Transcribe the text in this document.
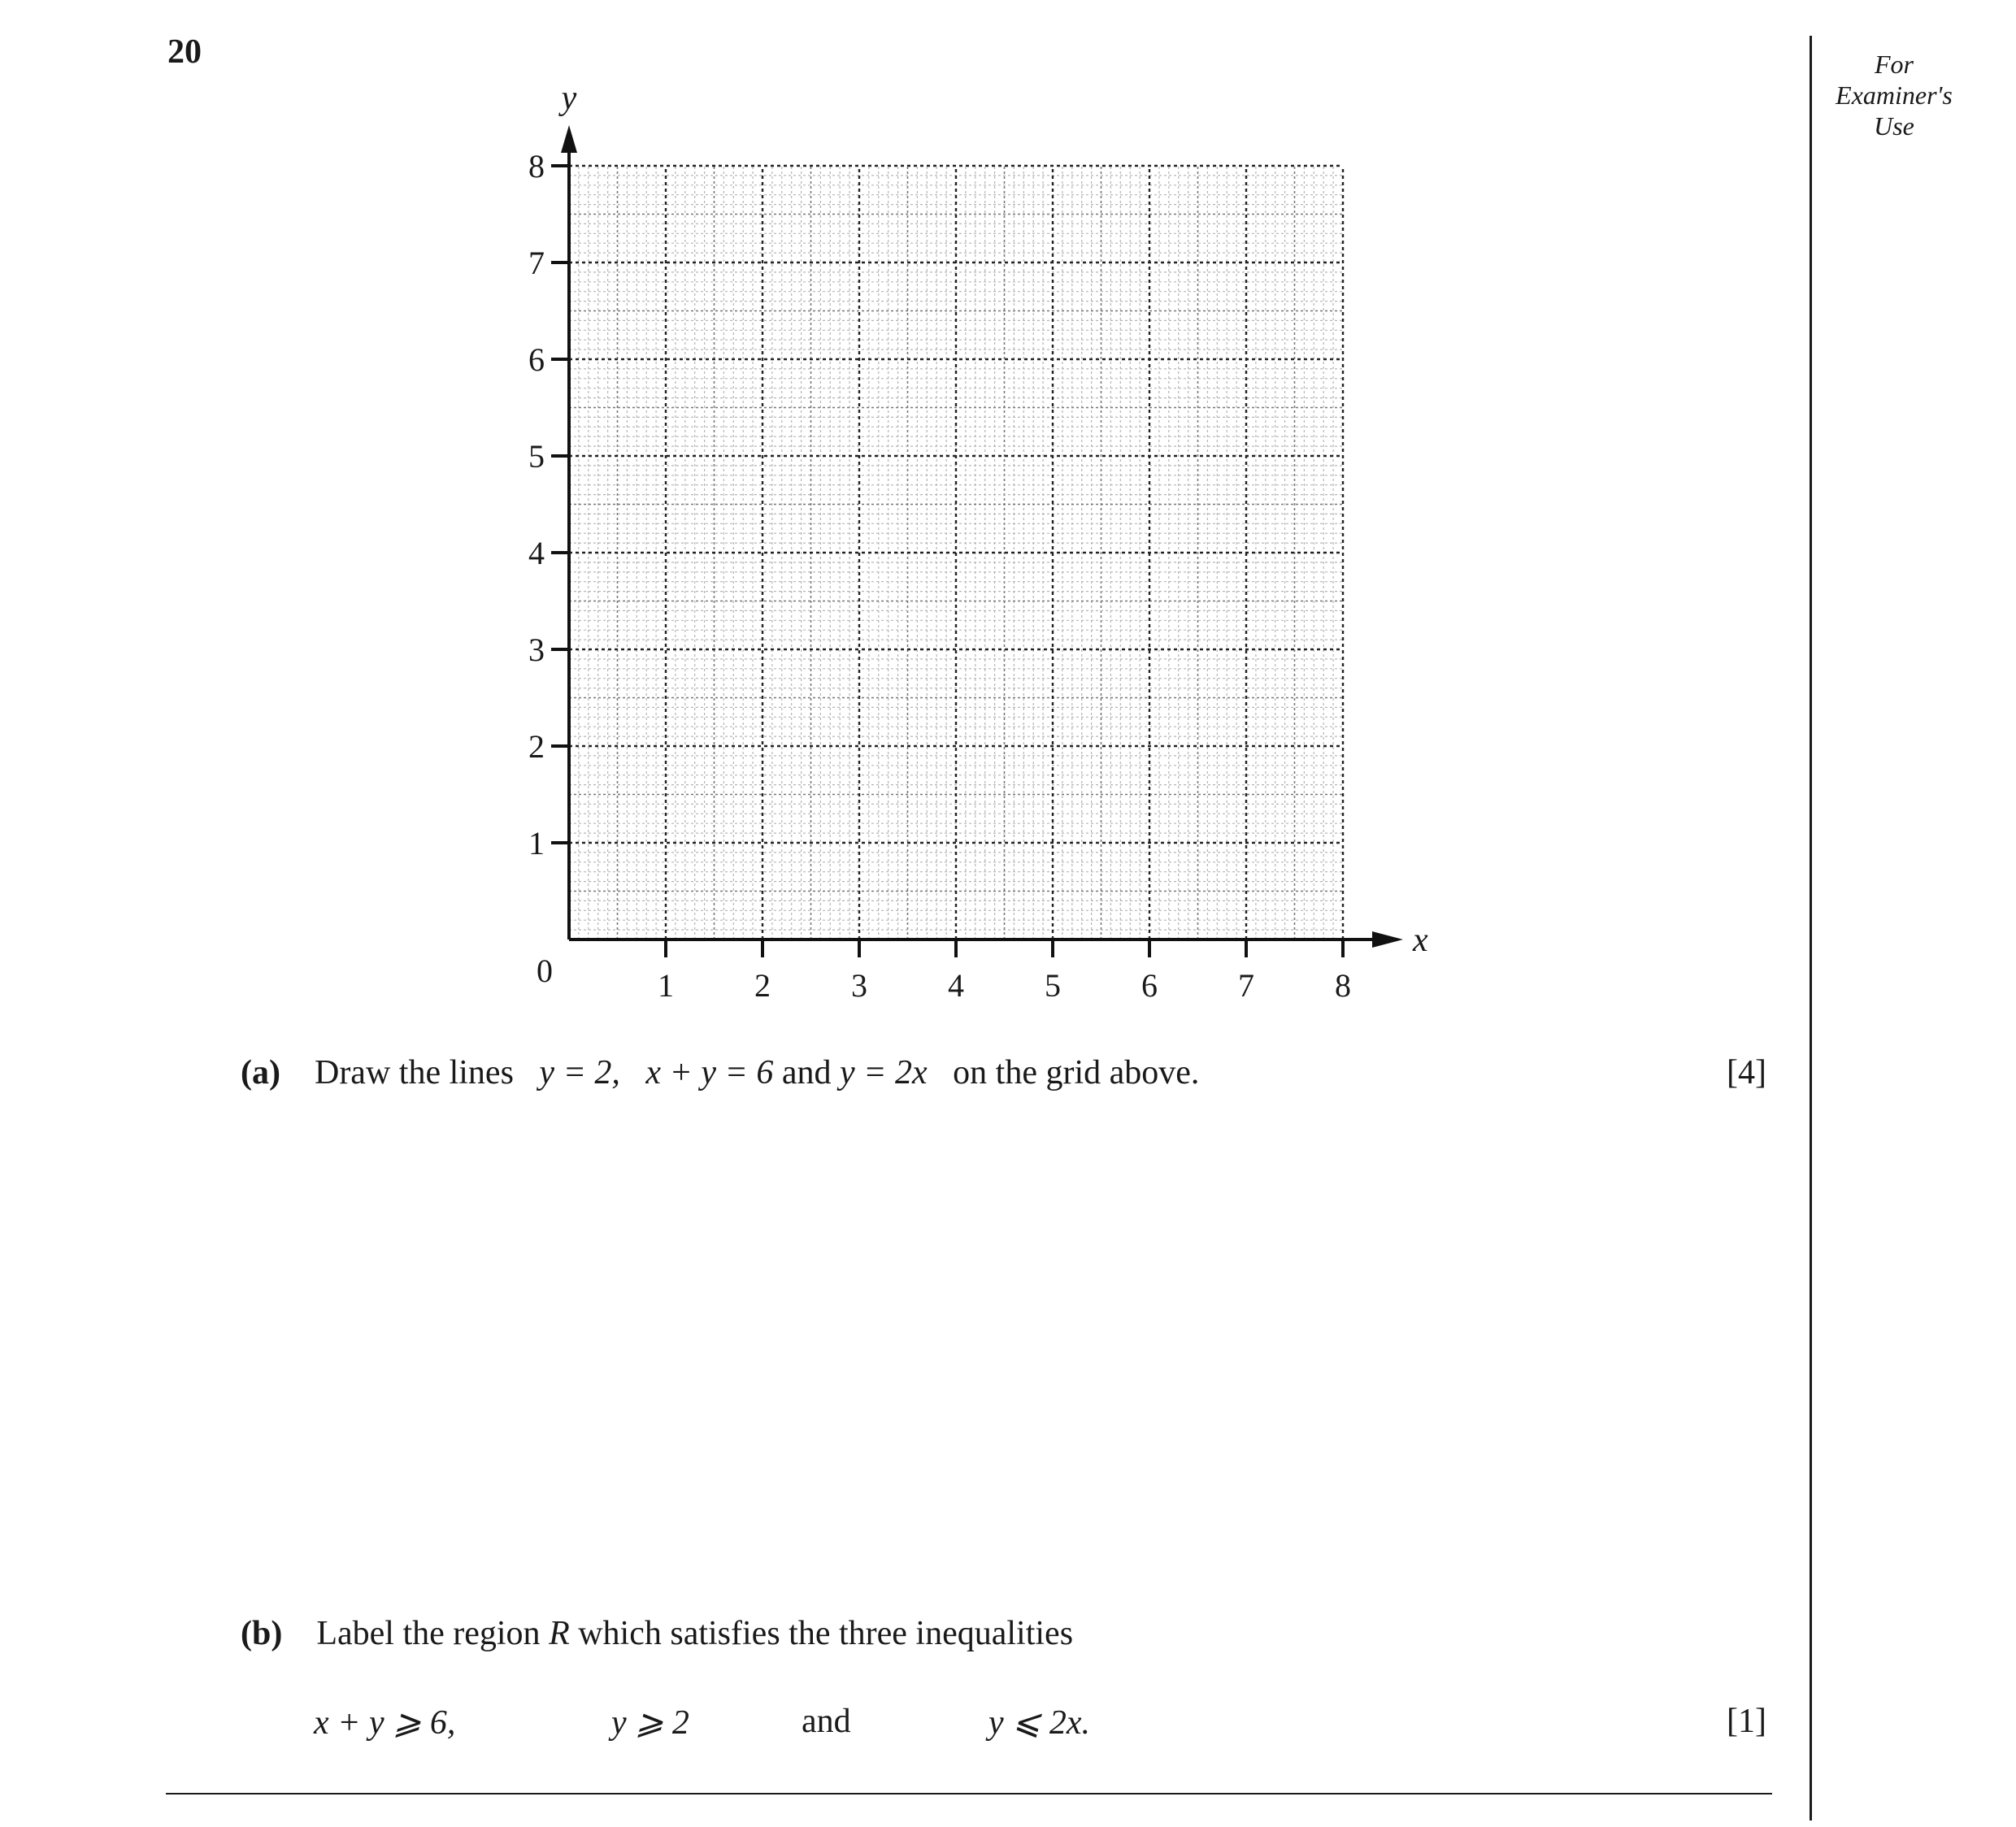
20	For
Examiner's
Use
1 2 3 4 5 6 7 8
1
2
3
4
5
6
7
8
0
x
y
(a) Draw the lines y = 2, x + y = 6 and y = 2x on the grid above.	[4]
(b) Label the region R which satisfies the three inequalities
x + y ⩾ 6,	y ⩾ 2	and	y ⩽ 2x.	[1]
